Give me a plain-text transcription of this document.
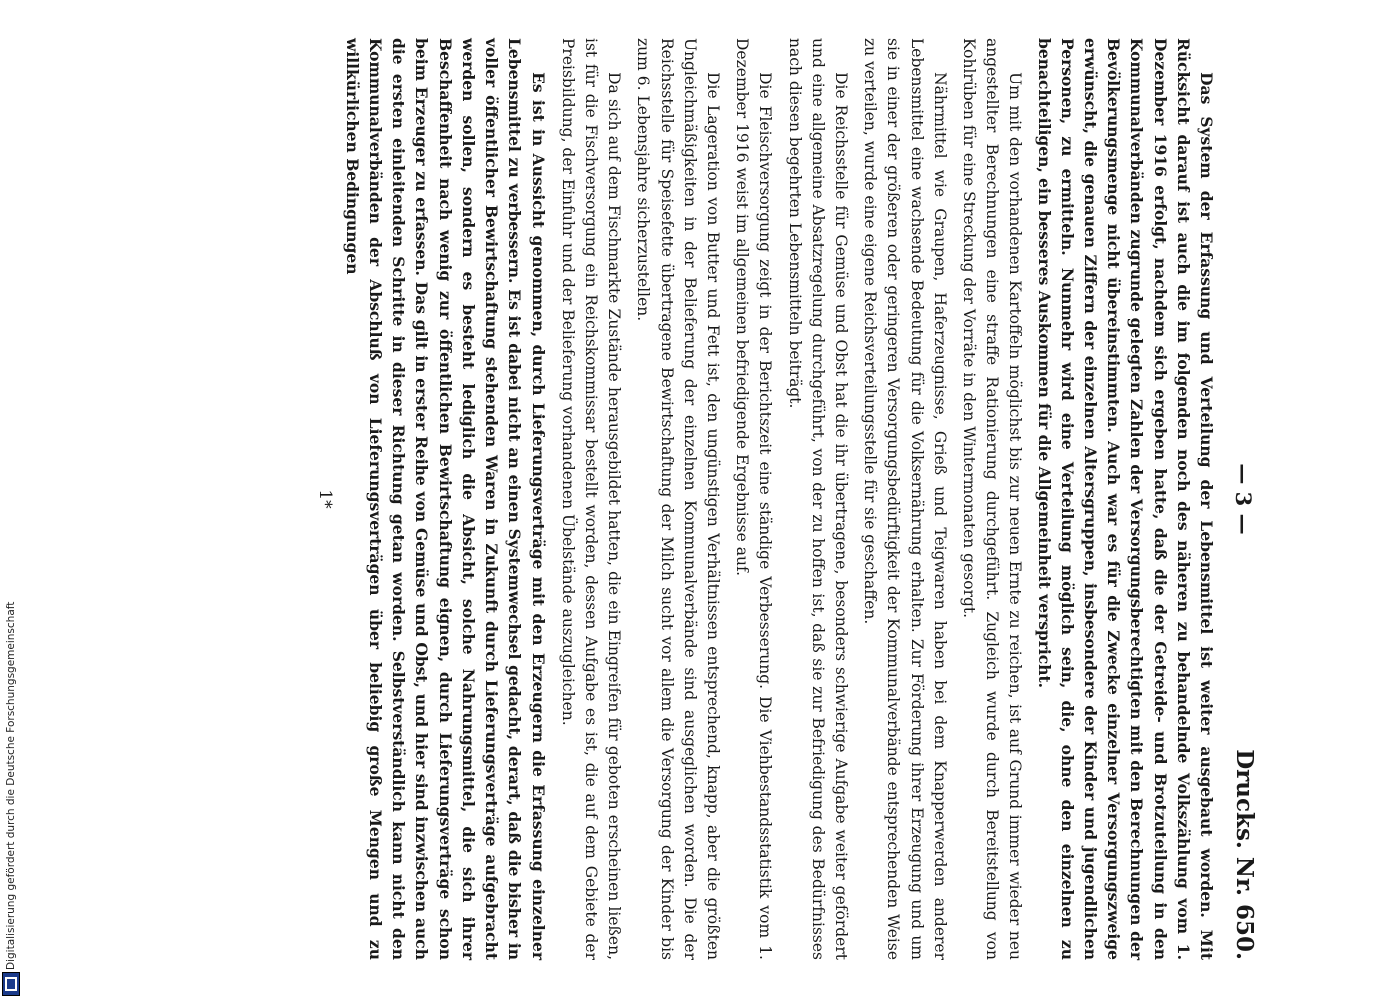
Digitalisierung gefördert durch die Deutsche Forschungsgemeinschaft
— 3 —
Drucks. Nr. 650.

Das System der Erfassung und Verteilung der Lebensmittel ist weiter ausgebaut worden. Mit Rücksicht darauf ist auch die im folgenden noch des näheren zu behandelnde Volkszählung vom 1. Dezember 1916 erfolgt, nachdem sich ergeben hatte, daß die der Getreide- und Brotzuteilung in den Kommunalverbänden zugrunde gelegten Zahlen der Versorgungsberechtigten mit den Berechnungen der Bevölkerungsmenge nicht übereinstimmten. Auch war es für die Zwecke einzelner Versorgungszweige erwünscht, die genauen Ziffern der einzelnen Altersgruppen, insbesondere der Kinder und jugendlichen Personen, zu ermitteln. Nunmehr wird eine Verteilung möglich sein, die, ohne den einzelnen zu benachteiligen, ein besseres Auskommen für die Allgemeinheit verspricht.

Um mit den vorhandenen Kartoffeln möglichst bis zur neuen Ernte zu reichen, ist auf Grund immer wieder neu angestellter Berechnungen eine straffe Rationierung durchgeführt. Zugleich wurde durch Bereitstellung von Kohlrüben für eine Streckung der Vorräte in den Wintermonaten gesorgt.

Nährmittel wie Graupen, Haferzeugnisse, Grieß und Teigwaren haben bei dem Knapperwerden anderer Lebensmittel eine wachsende Bedeutung für die Volksernährung erhalten. Zur Förderung ihrer Erzeugung und um sie in einer der größeren oder geringeren Versorgungsbedürftigkeit der Kommunalverbände entsprechenden Weise zu verteilen, wurde eine eigene Reichsverteilungsstelle für sie geschaffen.

Die Reichsstelle für Gemüse und Obst hat die ihr übertragene, besonders schwierige Aufgabe weiter gefördert und eine allgemeine Absatzregelung durchgeführt, von der zu hoffen ist, daß sie zur Befriedigung des Bedürfnisses nach diesen begehrten Lebensmitteln beiträgt.

Die Fleischversorgung zeigt in der Berichtszeit eine ständige Verbesserung. Die Viehbestandsstatistik vom 1. Dezember 1916 weist im allgemeinen befriedigende Ergebnisse auf.

Die Lageration von Butter und Fett ist, den ungünstigen Verhältnissen entsprechend, knapp, aber die größten Ungleichmäßigkeiten in der Belieferung der einzelnen Kommunalverbände sind ausgeglichen worden. Die der Reichsstelle für Speisefette übertragene Bewirtschaftung der Milch sucht vor allem die Versorgung der Kinder bis zum 6. Lebensjahre sicherzustellen.

Da sich auf dem Fischmarkte Zustände herausgebildet hatten, die ein Eingreifen für geboten erscheinen ließen, ist für die Fischversorgung ein Reichskommissar bestellt worden, dessen Aufgabe es ist, die auf dem Gebiete der Preisbildung, der Einfuhr und der Belieferung vorhandenen Übelstände auszugleichen.

Es ist in Aussicht genommen, durch Lieferungsverträge mit den Erzeugern die Erfassung einzelner Lebensmittel zu verbessern. Es ist dabei nicht an einen Systemwechsel gedacht, derart, daß die bisher in voller öffentlicher Bewirtschaftung stehenden Waren in Zukunft durch Lieferungsverträge aufgebracht werden sollen, sondern es besteht lediglich die Absicht, solche Nahrungsmittel, die sich ihrer Beschaffenheit nach wenig zur öffentlichen Bewirtschaftung eignen, durch Lieferungsverträge schon beim Erzeuger zu erfassen. Das gilt in erster Reihe von Gemüse und Obst, und hier sind inzwischen auch die ersten einleitenden Schritte in dieser Richtung getan worden. Selbstverständlich kann nicht den Kommunalverbänden der Abschluß von Lieferungsverträgen über beliebig große Mengen und zu willkürlichen Bedingungen

1*
